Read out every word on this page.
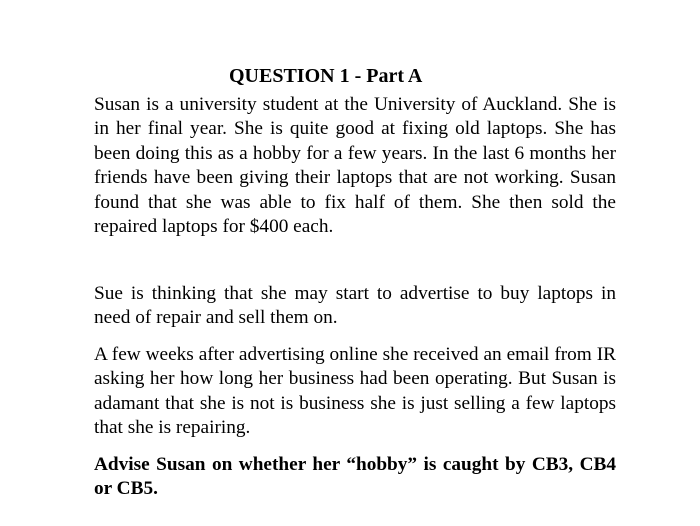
QUESTION 1 - Part A

Susan is a university student at the University of Auckland. She is in her final year. She is quite good at fixing old laptops. She has been doing this as a hobby for a few years. In the last 6 months her friends have been giving their laptops that are not working. Susan found that she was able to fix half of them. She then sold the repaired laptops for $400 each.

Sue is thinking that she may start to advertise to buy laptops in need of repair and sell them on.

A few weeks after advertising online she received an email from IR asking her how long her business had been operating. But Susan is adamant that she is not is business she is just selling a few laptops that she is repairing.

Advise Susan on whether her “hobby” is caught by CB3, CB4 or CB5.
